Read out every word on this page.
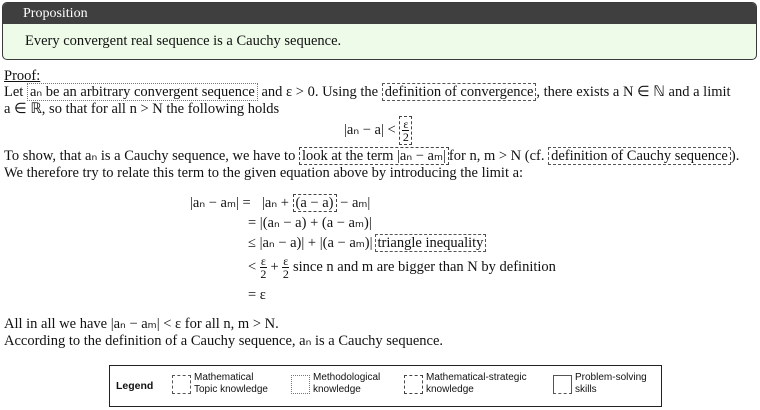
Proposition
Every convergent real sequence is a Cauchy sequence.
Proof:
Let aₙ be an arbitrary convergent sequence and ε > 0. Using the definition of convergence , there exists a N ∈ ℕ and a limit
a ∈ ℝ, so that for all n > N the following holds
$|a_n - a| < \frac{\varepsilon}{2}$
To show, that aₙ is a Cauchy sequence, we have to look at the term |aₙ − aₘ| for n, m > N (cf. definition of Cauchy sequence ).
We therefore try to relate this term to the given equation above by introducing the limit a:
|aₙ − aₘ| = |aₙ + (a − a) − aₘ|
= |(aₙ − a) + (a − aₘ)|
≤ |aₙ − a)| + |(a − aₘ)| triangle inequality
< $\frac{\varepsilon}{2} + \frac{\varepsilon}{2}$ since n and m are bigger than N by definition
= ε
All in all we have |aₙ − aₘ| < ε for all n, m > N.
According to the definition of a Cauchy sequence, aₙ is a Cauchy sequence.
Legend
Mathematical
Topic knowledge
Methodological
knowledge
Mathematical-strategic
knowledge
Problem-solving
skills
